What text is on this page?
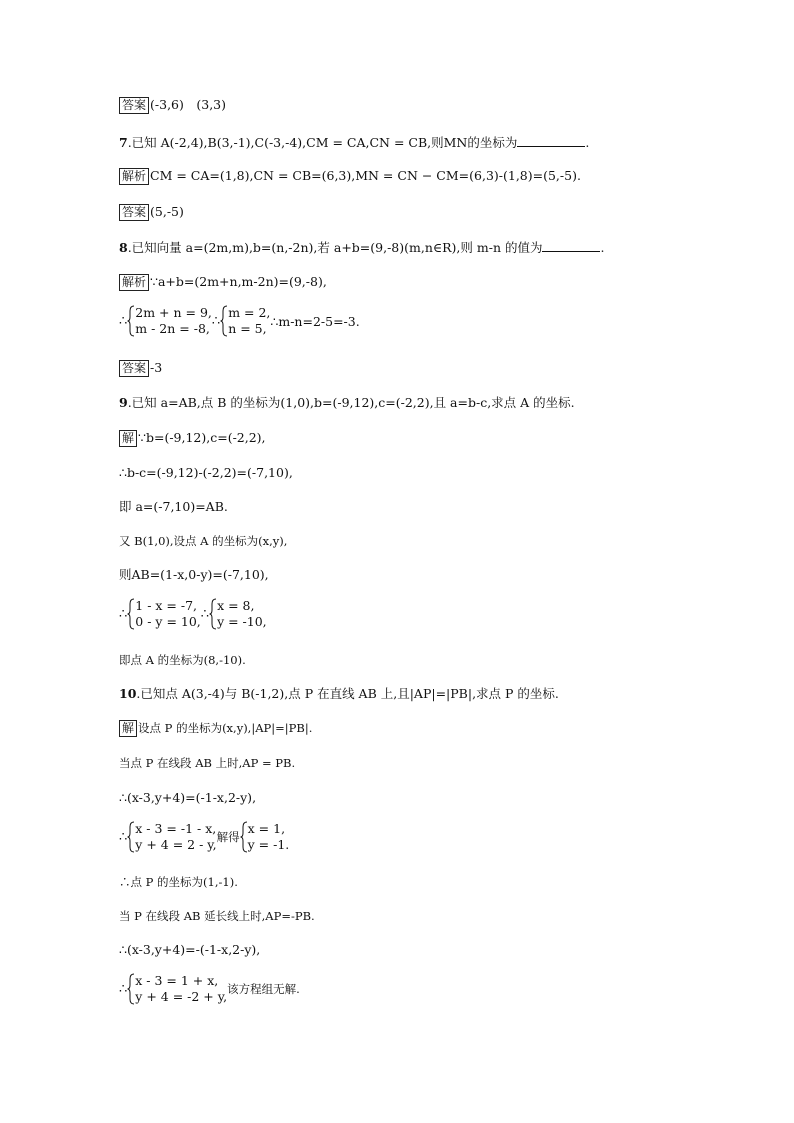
答案 (-3,6)　(3,3)
7.已知 A(-2,4),B(3,-1),C(-3,-4),CM = CA,CN = CB,则MN的坐标为	.
解析 CM = CA=(1,8),CN = CB=(6,3),MN = CN − CM=(6,3)-(1,8)=(5,-5).
答案 (5,-5)
8.已知向量 a=(2m,m),b=(n,-2n),若 a+b=(9,-8)(m,n∈R),则 m-n 的值为	.
解析 ∵a+b=(2m+n,m-2n)=(9,-8),
∴
2m + n = 9,
m - 2n = -8, ∴
m = 2,
n = 5, ∴m-n=2-5=-3.
答案 -3
9.已知 a=AB,点 B 的坐标为(1,0),b=(-9,12),c=(-2,2),且 a=b-c,求点 A 的坐标.
解 ∵b=(-9,12),c=(-2,2),
∴b-c=(-9,12)-(-2,2)=(-7,10),
即 a=(-7,10)=AB.
又 B(1,0),设点 A 的坐标为(x,y),
则AB=(1-x,0-y)=(-7,10),
∴
1 - x = -7,
0 - y = 10, ∴
x = 8,
y = -10,
即点 A 的坐标为(8,-10).
10.已知点 A(3,-4)与 B(-1,2),点 P 在直线 AB 上,且|AP|=|PB|,求点 P 的坐标.
解 设点 P 的坐标为(x,y),|AP|=|PB|.
当点 P 在线段 AB 上时,AP = PB.
∴(x-3,y+4)=(-1-x,2-y),
∴
x - 3 = -1 - x,
y + 4 = 2 - y, 解得
x = 1,
y = -1.
∴点 P 的坐标为(1,-1).
当 P 在线段 AB 延长线上时,AP=-PB.
∴(x-3,y+4)=-(-1-x,2-y),
∴
x - 3 = 1 + x,
y + 4 = -2 + y, 该方程组无解.
